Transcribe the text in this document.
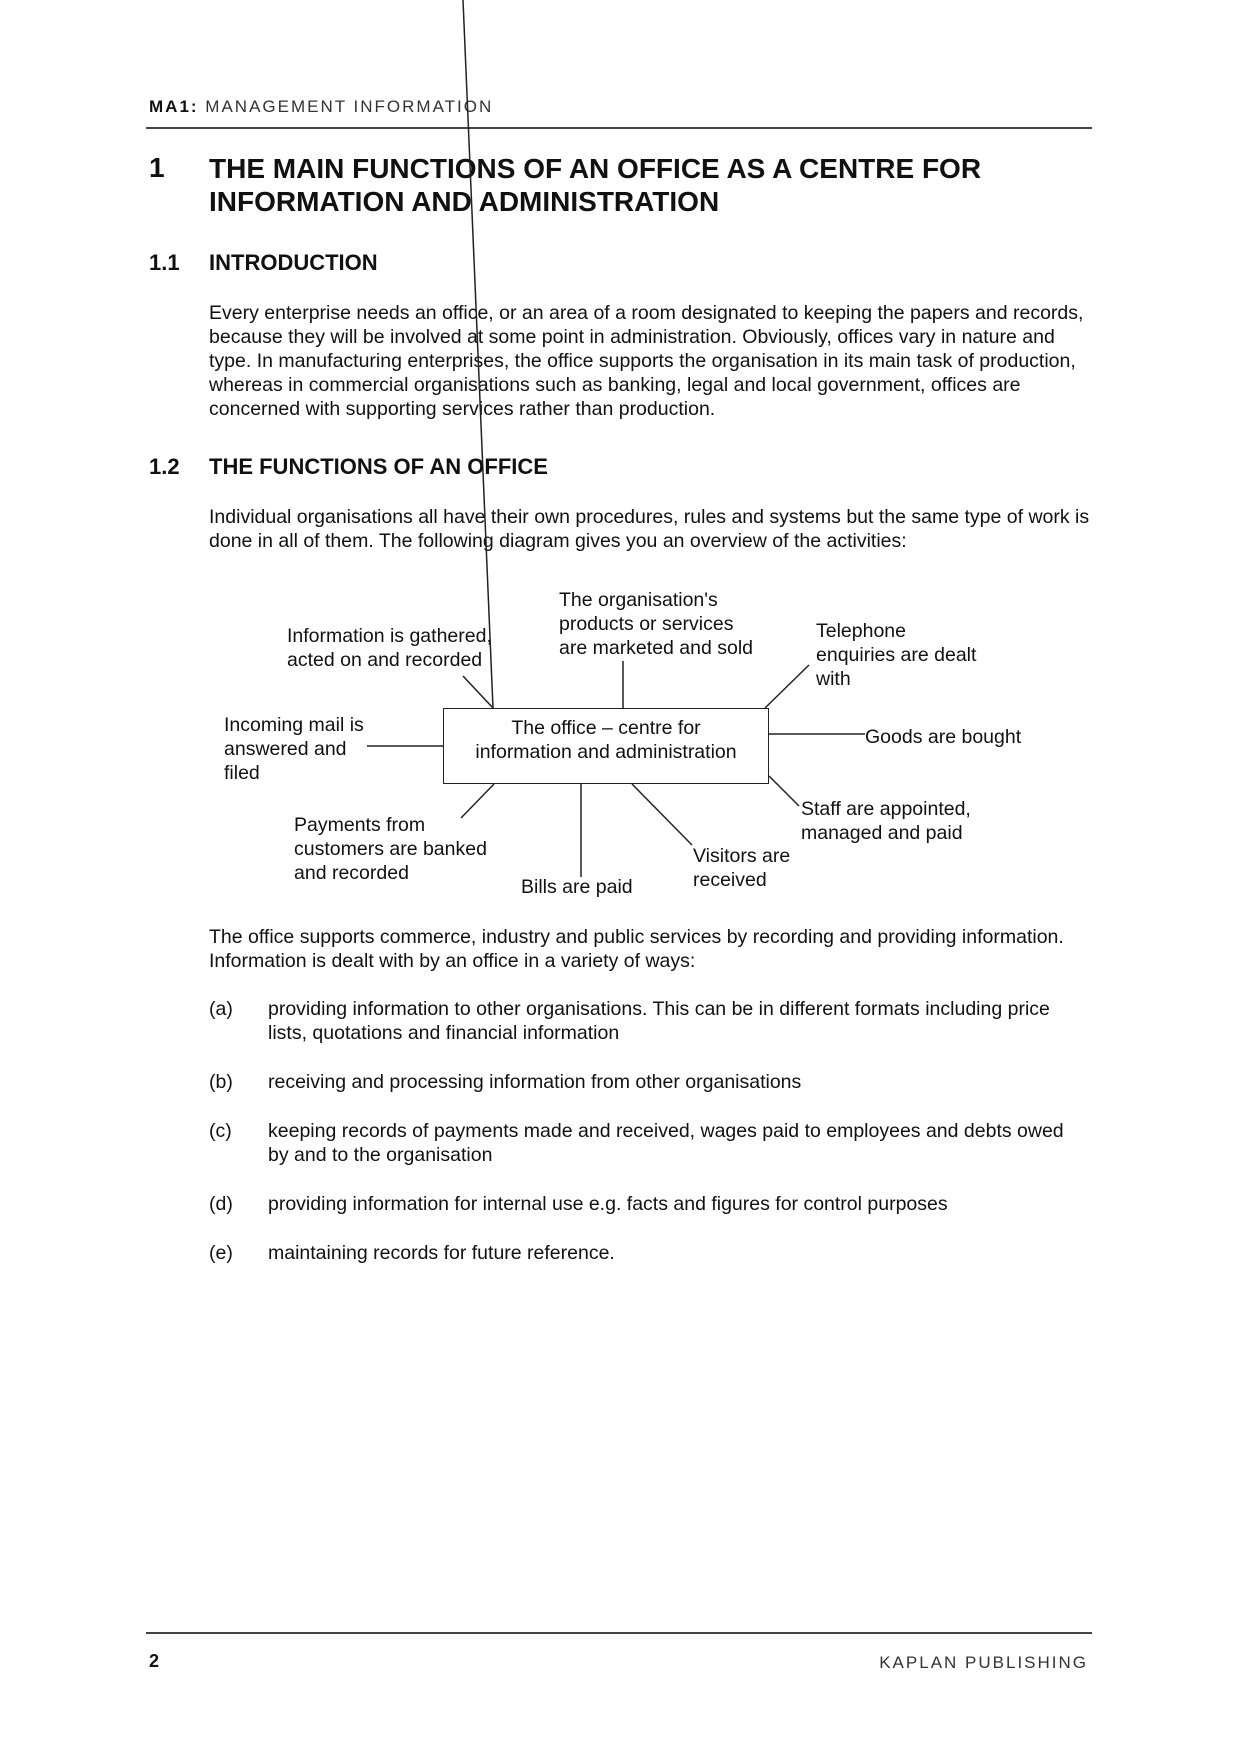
MA1: MANAGEMENT INFORMATION
1 THE MAIN FUNCTIONS OF AN OFFICE AS A CENTRE FOR INFORMATION AND ADMINISTRATION
1.1 INTRODUCTION
Every enterprise needs an office, or an area of a room designated to keeping the papers and records, because they will be involved at some point in administration. Obviously, offices vary in nature and type. In manufacturing enterprises, the office supports the organisation in its main task of production, whereas in commercial organisations such as banking, legal and local government, offices are concerned with supporting services rather than production.
1.2 THE FUNCTIONS OF AN OFFICE
Individual organisations all have their own procedures, rules and systems but the same type of work is done in all of them. The following diagram gives you an overview of the activities:
The office – centre for
information and administration
Information is gathered,
acted on and recorded
The organisation's
products or services
are marketed and sold
Telephone
enquiries are dealt
with
Incoming mail is
answered and
filed
Goods are bought
Payments from
customers are banked
and recorded
Bills are paid
Visitors are
received
Staff are appointed,
managed and paid
The office supports commerce, industry and public services by recording and providing information. Information is dealt with by an office in a variety of ways:
(a) providing information to other organisations. This can be in different formats including price lists, quotations and financial information
(b) receiving and processing information from other organisations
(c) keeping records of payments made and received, wages paid to employees and debts owed by and to the organisation
(d) providing information for internal use e.g. facts and figures for control purposes
(e) maintaining records for future reference.
2	KAPLAN PUBLISHING
